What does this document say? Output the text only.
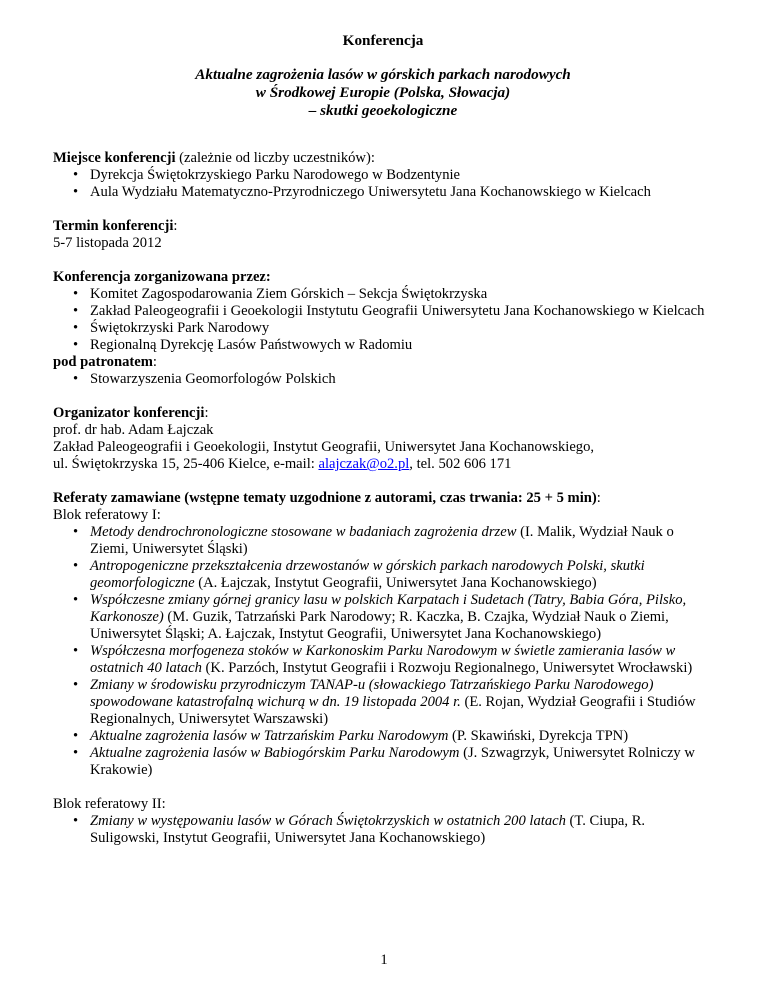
Konferencja
Aktualne zagrożenia lasów w górskich parkach narodowych
w Środkowej Europie (Polska, Słowacja)
– skutki geoekologiczne
Miejsce konferencji (zależnie od liczby uczestników):
• Dyrekcja Świętokrzyskiego Parku Narodowego w Bodzentynie
• Aula Wydziału Matematyczno-Przyrodniczego Uniwersytetu Jana Kochanowskiego w Kielcach
Termin konferencji:
5-7 listopada 2012
Konferencja zorganizowana przez:
• Komitet Zagospodarowania Ziem Górskich – Sekcja Świętokrzyska
• Zakład Paleogeografii i Geoekologii Instytutu Geografii Uniwersytetu Jana Kochanowskiego w Kielcach
• Świętokrzyski Park Narodowy
• Regionalną Dyrekcję Lasów Państwowych w Radomiu
pod patronatem:
• Stowarzyszenia Geomorfologów Polskich
Organizator konferencji:
prof. dr hab. Adam Łajczak
Zakład Paleogeografii i Geoekologii, Instytut Geografii, Uniwersytet Jana Kochanowskiego,
ul. Świętokrzyska 15, 25-406 Kielce, e-mail: alajczak@o2.pl, tel. 502 606 171
Referaty zamawiane (wstępne tematy uzgodnione z autorami, czas trwania: 25 + 5 min):
Blok referatowy I:
• Metody dendrochronologiczne stosowane w badaniach zagrożenia drzew (I. Malik, Wydział Nauk o Ziemi, Uniwersytet Śląski)
• Antropogeniczne przekształcenia drzewostanów w górskich parkach narodowych Polski, skutki geomorfologiczne (A. Łajczak, Instytut Geografii, Uniwersytet Jana Kochanowskiego)
• Współczesne zmiany górnej granicy lasu w polskich Karpatach i Sudetach (Tatry, Babia Góra, Pilsko, Karkonosze) (M. Guzik, Tatrzański Park Narodowy; R. Kaczka, B. Czajka, Wydział Nauk o Ziemi, Uniwersytet Śląski; A. Łajczak, Instytut Geografii, Uniwersytet Jana Kochanowskiego)
• Współczesna morfogeneza stoków w Karkonoskim Parku Narodowym w świetle zamierania lasów w ostatnich 40 latach (K. Parzóch, Instytut Geografii i Rozwoju Regionalnego, Uniwersytet Wrocławski)
• Zmiany w środowisku przyrodniczym TANAP-u (słowackiego Tatrzańskiego Parku Narodowego) spowodowane katastrofalną wichurą w dn. 19 listopada 2004 r. (E. Rojan, Wydział Geografii i Studiów Regionalnych, Uniwersytet Warszawski)
• Aktualne zagrożenia lasów w Tatrzańskim Parku Narodowym (P. Skawiński, Dyrekcja TPN)
• Aktualne zagrożenia lasów w Babiogórskim Parku Narodowym (J. Szwagrzyk, Uniwersytet Rolniczy w Krakowie)
Blok referatowy II:
• Zmiany w występowaniu lasów w Górach Świętokrzyskich w ostatnich 200 latach (T. Ciupa, R. Suligowski, Instytut Geografii, Uniwersytet Jana Kochanowskiego)
1
